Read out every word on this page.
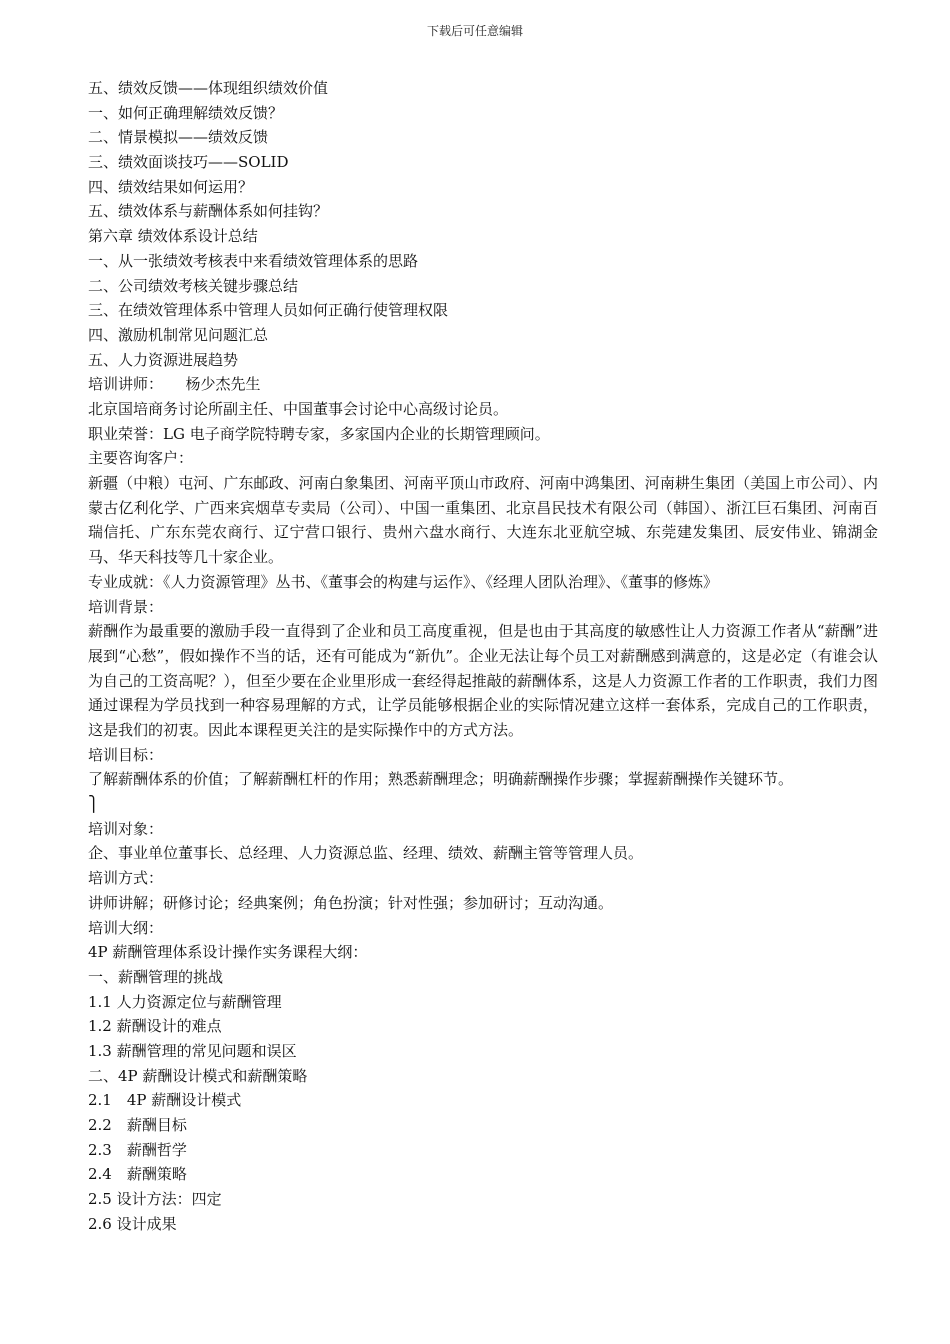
下载后可任意编辑
五、绩效反馈——体现组织绩效价值
一、如何正确理解绩效反馈？
二、情景模拟——绩效反馈
三、绩效面谈技巧——SOLID
四、绩效结果如何运用？
五、绩效体系与薪酬体系如何挂钩？
第六章 绩效体系设计总结
一、从一张绩效考核表中来看绩效管理体系的思路
二、公司绩效考核关键步骤总结
三、在绩效管理体系中管理人员如何正确行使管理权限
四、激励机制常见问题汇总
五、人力资源进展趋势
培训讲师：　　杨少杰先生
北京国培商务讨论所副主任、中国董事会讨论中心高级讨论员。
职业荣誉：LG 电子商学院特聘专家，多家国内企业的长期管理顾问。
主要咨询客户：

新疆（中粮）屯河、广东邮政、河南白象集团、河南平顶山市政府、河南中鸿集团、河南耕生集团（美国上市公司）、内蒙古亿利化学、广西来宾烟草专卖局（公司）、中国一重集团、北京昌民技术有限公司（韩国）、浙江巨石集团、河南百瑞信托、广东东莞农商行、辽宁营口银行、贵州六盘水商行、大连东北亚航空城、东莞建发集团、辰安伟业、锦湖金马、华天科技等几十家企业。

专业成就：《人力资源管理》丛书、《董事会的构建与运作》、《经理人团队治理》、《董事的修炼》
培训背景：

薪酬作为最重要的激励手段一直得到了企业和员工高度重视，但是也由于其高度的敏感性让人力资源工作者从“薪酬”进展到“心愁”，假如操作不当的话，还有可能成为“新仇”。企业无法让每个员工对薪酬感到满意的，这是必定（有谁会认为自己的工资高呢？），但至少要在企业里形成一套经得起推敲的薪酬体系，这是人力资源工作者的工作职责，我们力图通过课程为学员找到一种容易理解的方式，让学员能够根据企业的实际情况建立这样一套体系，完成自己的工作职责，这是我们的初衷。因此本课程更关注的是实际操作中的方式方法。

培训目标：
了解薪酬体系的价值；了解薪酬杠杆的作用；熟悉薪酬理念；明确薪酬操作步骤；掌握薪酬操作关键环节。
⎫
培训对象：
企、事业单位董事长、总经理、人力资源总监、经理、绩效、薪酬主管等管理人员。
培训方式：
讲师讲解；研修讨论；经典案例；角色扮演；针对性强；参加研讨；互动沟通。
培训大纲：
4P 薪酬管理体系设计操作实务课程大纲：
一、薪酬管理的挑战
1.1 人力资源定位与薪酬管理
1.2 薪酬设计的难点
1.3 薪酬管理的常见问题和误区
二、4P 薪酬设计模式和薪酬策略
2.1　4P 薪酬设计模式
2.2　薪酬目标
2.3　薪酬哲学
2.4　薪酬策略
2.5 设计方法：四定
2.6 设计成果
